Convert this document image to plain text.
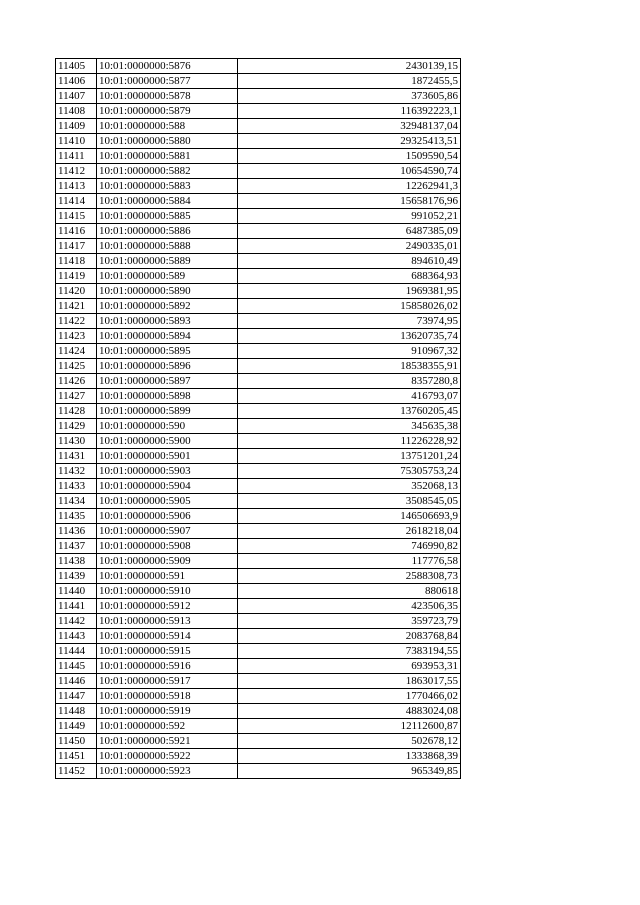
11405	10:01:0000000:5876	2430139,15
11406	10:01:0000000:5877	1872455,5
11407	10:01:0000000:5878	373605,86
11408	10:01:0000000:5879	116392223,1
11409	10:01:0000000:588	32948137,04
11410	10:01:0000000:5880	29325413,51
11411	10:01:0000000:5881	1509590,54
11412	10:01:0000000:5882	10654590,74
11413	10:01:0000000:5883	12262941,3
11414	10:01:0000000:5884	15658176,96
11415	10:01:0000000:5885	991052,21
11416	10:01:0000000:5886	6487385,09
11417	10:01:0000000:5888	2490335,01
11418	10:01:0000000:5889	894610,49
11419	10:01:0000000:589	688364,93
11420	10:01:0000000:5890	1969381,95
11421	10:01:0000000:5892	15858026,02
11422	10:01:0000000:5893	73974,95
11423	10:01:0000000:5894	13620735,74
11424	10:01:0000000:5895	910967,32
11425	10:01:0000000:5896	18538355,91
11426	10:01:0000000:5897	8357280,8
11427	10:01:0000000:5898	416793,07
11428	10:01:0000000:5899	13760205,45
11429	10:01:0000000:590	345635,38
11430	10:01:0000000:5900	11226228,92
11431	10:01:0000000:5901	13751201,24
11432	10:01:0000000:5903	75305753,24
11433	10:01:0000000:5904	352068,13
11434	10:01:0000000:5905	3508545,05
11435	10:01:0000000:5906	146506693,9
11436	10:01:0000000:5907	2618218,04
11437	10:01:0000000:5908	746990,82
11438	10:01:0000000:5909	117776,58
11439	10:01:0000000:591	2588308,73
11440	10:01:0000000:5910	880618
11441	10:01:0000000:5912	423506,35
11442	10:01:0000000:5913	359723,79
11443	10:01:0000000:5914	2083768,84
11444	10:01:0000000:5915	7383194,55
11445	10:01:0000000:5916	693953,31
11446	10:01:0000000:5917	1863017,55
11447	10:01:0000000:5918	1770466,02
11448	10:01:0000000:5919	4883024,08
11449	10:01:0000000:592	12112600,87
11450	10:01:0000000:5921	502678,12
11451	10:01:0000000:5922	1333868,39
11452	10:01:0000000:5923	965349,85
